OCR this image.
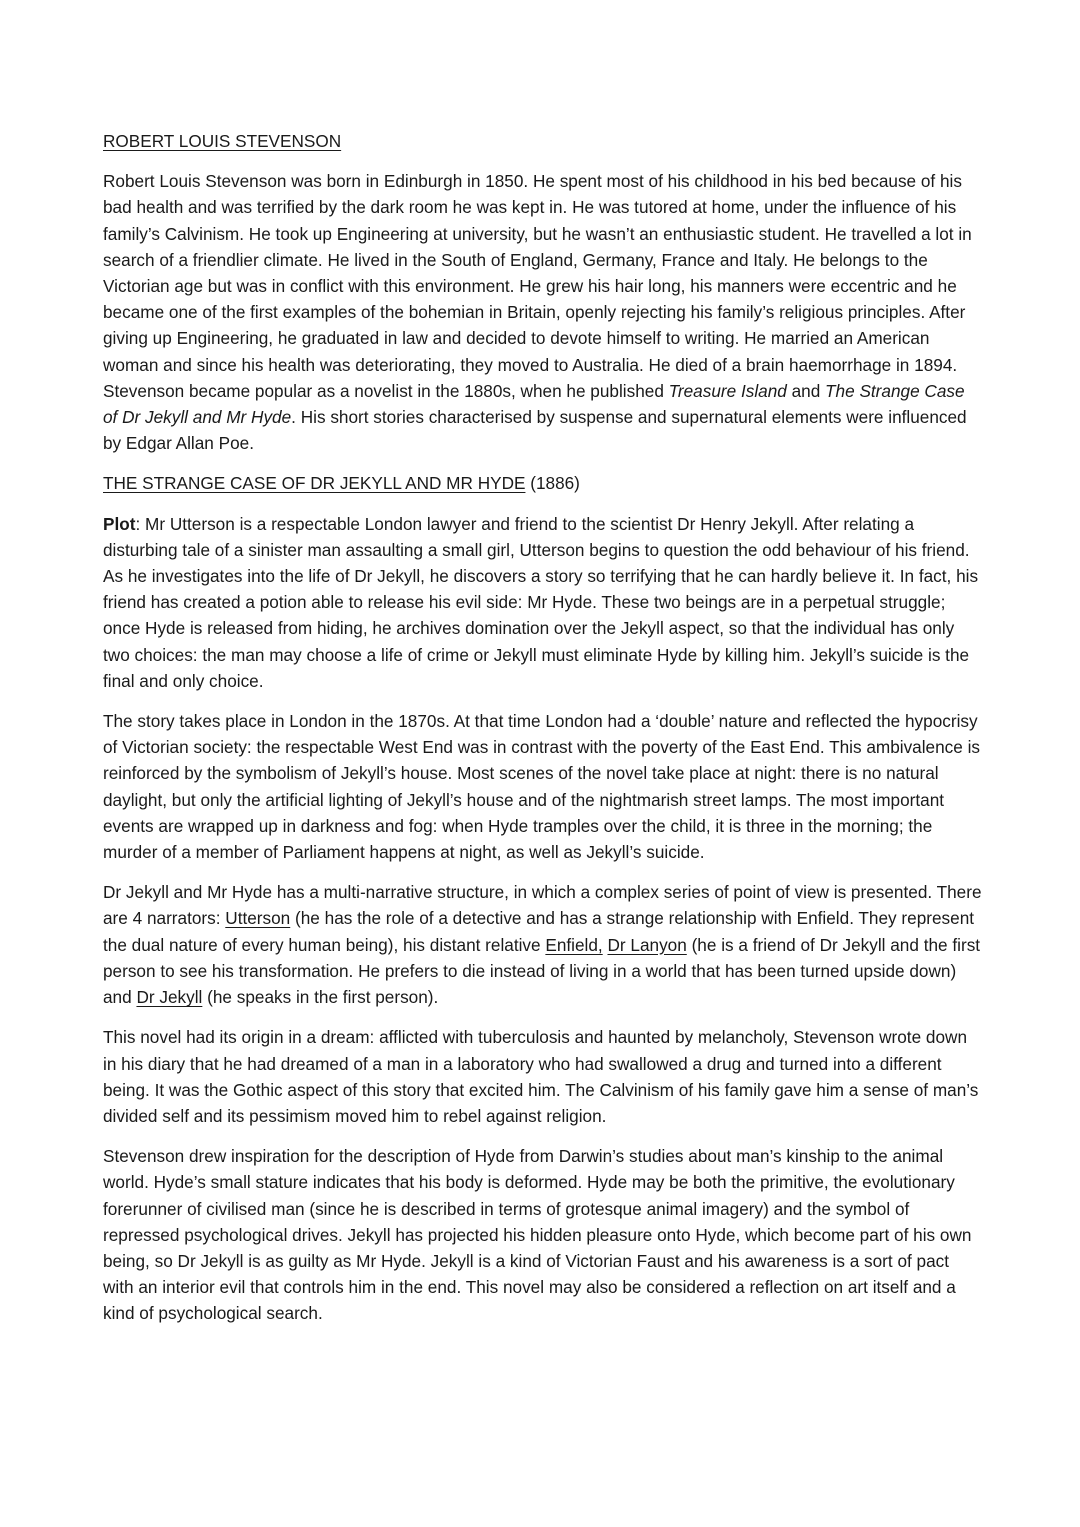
ROBERT LOUIS STEVENSON

Robert Louis Stevenson was born in Edinburgh in 1850. He spent most of his childhood in his bed because of his bad health and was terrified by the dark room he was kept in. He was tutored at home, under the influence of his family’s Calvinism. He took up Engineering at university, but he wasn’t an enthusiastic student. He travelled a lot in search of a friendlier climate. He lived in the South of England, Germany, France and Italy. He belongs to the Victorian age but was in conflict with this environment. He grew his hair long, his manners were eccentric and he became one of the first examples of the bohemian in Britain, openly rejecting his family’s religious principles. After giving up Engineering, he graduated in law and decided to devote himself to writing. He married an American woman and since his health was deteriorating, they moved to Australia. He died of a brain haemorrhage in 1894. Stevenson became popular as a novelist in the 1880s, when he published Treasure Island and The Strange Case of Dr Jekyll and Mr Hyde. His short stories characterised by suspense and supernatural elements were influenced by Edgar Allan Poe.

THE STRANGE CASE OF DR JEKYLL AND MR HYDE (1886)

Plot: Mr Utterson is a respectable London lawyer and friend to the scientist Dr Henry Jekyll. After relating a disturbing tale of a sinister man assaulting a small girl, Utterson begins to question the odd behaviour of his friend. As he investigates into the life of Dr Jekyll, he discovers a story so terrifying that he can hardly believe it. In fact, his friend has created a potion able to release his evil side: Mr Hyde. These two beings are in a perpetual struggle; once Hyde is released from hiding, he archives domination over the Jekyll aspect, so that the individual has only two choices: the man may choose a life of crime or Jekyll must eliminate Hyde by killing him. Jekyll’s suicide is the final and only choice.

The story takes place in London in the 1870s. At that time London had a ‘double’ nature and reflected the hypocrisy of Victorian society: the respectable West End was in contrast with the poverty of the East End. This ambivalence is reinforced by the symbolism of Jekyll’s house. Most scenes of the novel take place at night: there is no natural daylight, but only the artificial lighting of Jekyll’s house and of the nightmarish street lamps. The most important events are wrapped up in darkness and fog: when Hyde tramples over the child, it is three in the morning; the murder of a member of Parliament happens at night, as well as Jekyll’s suicide.

Dr Jekyll and Mr Hyde has a multi-narrative structure, in which a complex series of point of view is presented. There are 4 narrators: Utterson (he has the role of a detective and has a strange relationship with Enfield. They represent the dual nature of every human being), his distant relative Enfield, Dr Lanyon (he is a friend of Dr Jekyll and the first person to see his transformation. He prefers to die instead of living in a world that has been turned upside down) and Dr Jekyll (he speaks in the first person).

This novel had its origin in a dream: afflicted with tuberculosis and haunted by melancholy, Stevenson wrote down in his diary that he had dreamed of a man in a laboratory who had swallowed a drug and turned into a different being. It was the Gothic aspect of this story that excited him. The Calvinism of his family gave him a sense of man’s divided self and its pessimism moved him to rebel against religion.

Stevenson drew inspiration for the description of Hyde from Darwin’s studies about man’s kinship to the animal world. Hyde’s small stature indicates that his body is deformed. Hyde may be both the primitive, the evolutionary forerunner of civilised man (since he is described in terms of grotesque animal imagery) and the symbol of repressed psychological drives. Jekyll has projected his hidden pleasure onto Hyde, which become part of his own being, so Dr Jekyll is as guilty as Mr Hyde. Jekyll is a kind of Victorian Faust and his awareness is a sort of pact with an interior evil that controls him in the end. This novel may also be considered a reflection on art itself and a kind of psychological search.
